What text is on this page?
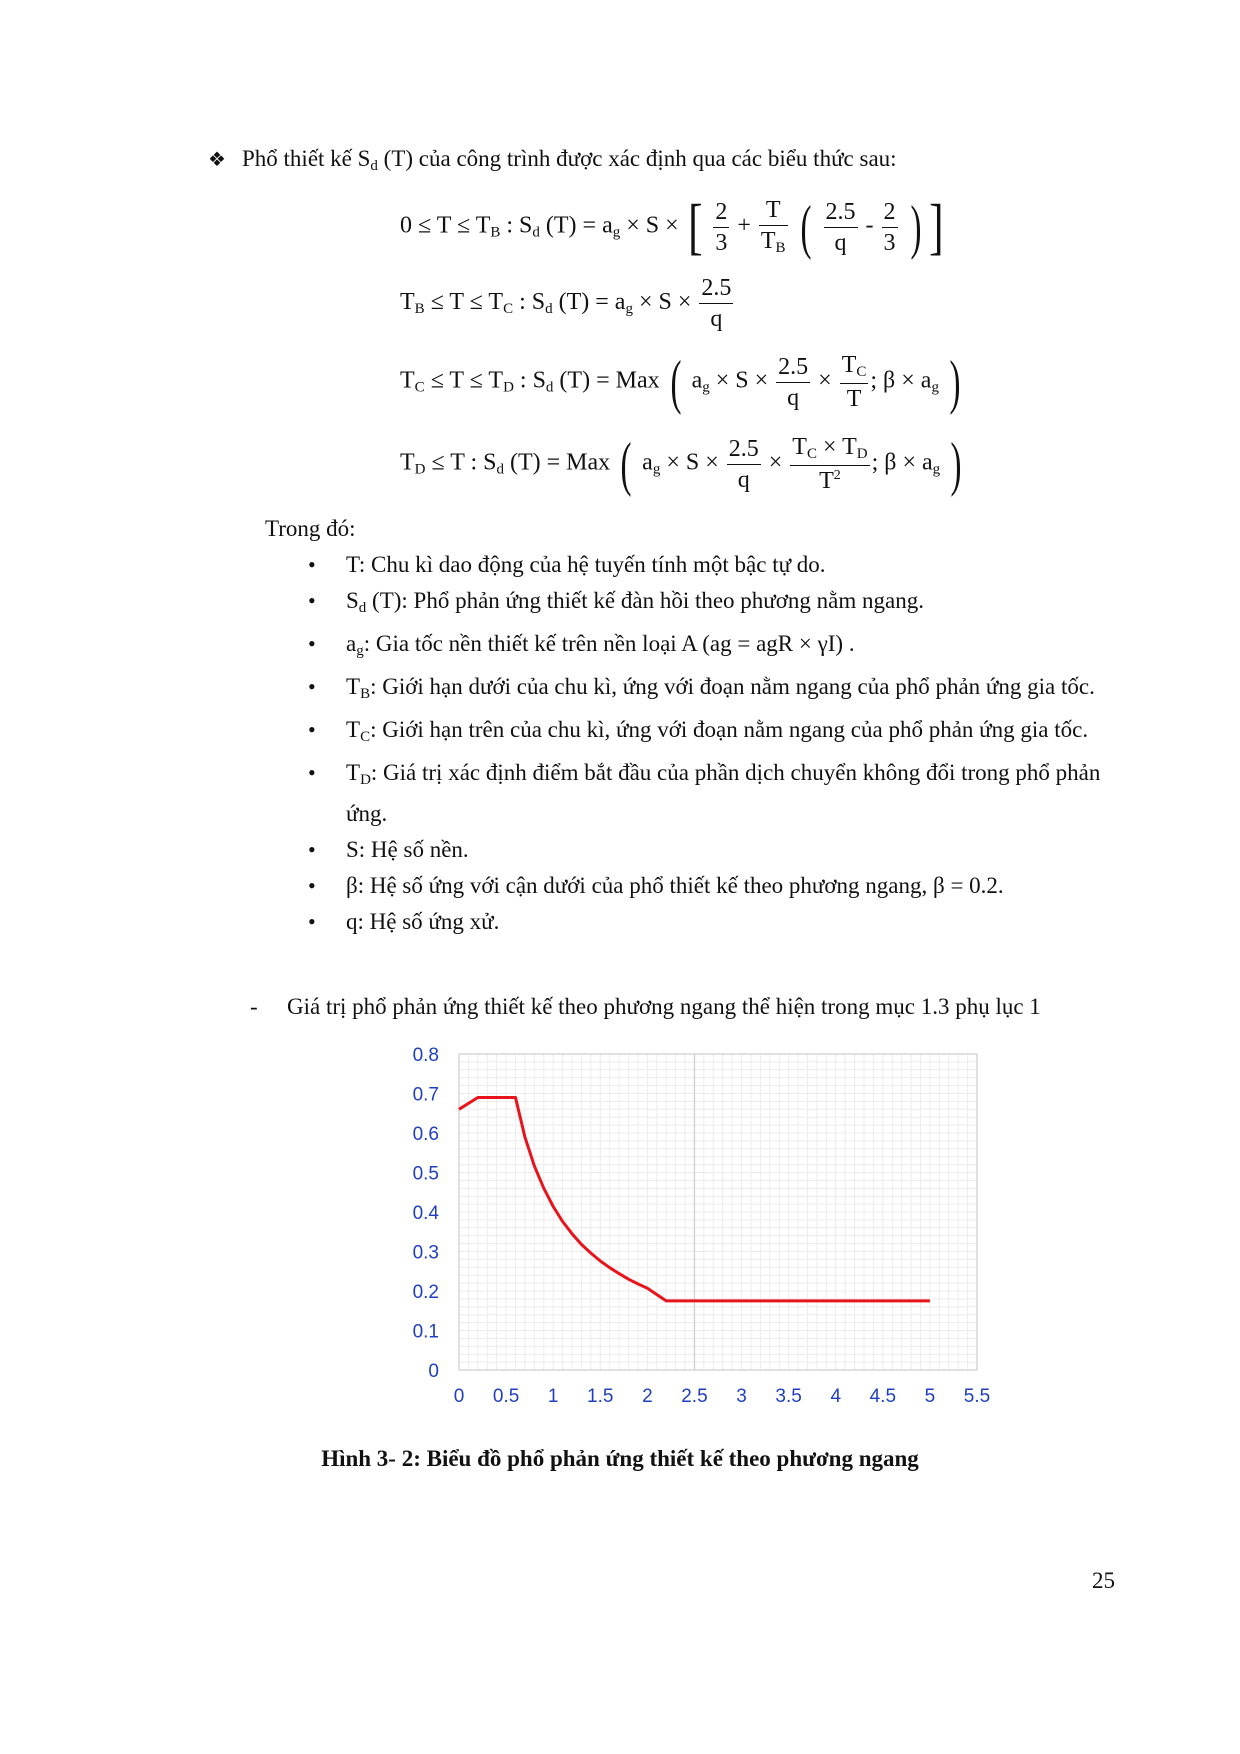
❖ Phổ thiết kế $S_d$ (T) của công trình được xác định qua các biểu thức sau:
$0 \le T \le T_B$ : $S_d$ $(T) = a_g \times S$ × [ $\frac{2}{3} + \frac{T}{T_B}$ ( $\frac{2.5}{q} - \frac{2}{3}$ ) ]
$T_B \le T \le T_C$ : $S_d$ $(T) = a_g \times S \times \frac{2.5}{q}$
$T_C \le T \le T_D$ : $S_d$ (T) = Max ( $a_g \times S \times \frac{2.5}{q} \times \frac{T_C}{T}$ ; $\beta \times a_g$ )
$T_D \le T$ : $S_d$ (T) = Max ( $a_g \times S \times \frac{2.5}{q} \times \frac{T_C \times T_D}{T^2}$ ; $\beta \times a_g$ )
Trong đó:
• T: Chu kì dao động của hệ tuyến tính một bậc tự do.
• $S_d$ (T): Phổ phản ứng thiết kế đàn hồi theo phương nằm ngang.
• $a_g$: Gia tốc nền thiết kế trên nền loại A (ag = agR × γI) .
• $T_B$: Giới hạn dưới của chu kì, ứng với đoạn nằm ngang của phổ phản ứng gia tốc.
• $T_C$: Giới hạn trên của chu kì, ứng với đoạn nằm ngang của phổ phản ứng gia tốc.
• $T_D$: Giá trị xác định điểm bắt đầu của phần dịch chuyển không đổi trong phổ phản ứng.
• S: Hệ số nền.
• β: Hệ số ứng với cận dưới của phổ thiết kế theo phương ngang, β = 0.2.
• q: Hệ số ứng xử.
- Giá trị phổ phản ứng thiết kế theo phương ngang thể hiện trong mục 1.3 phụ lục 1
0
0.1
0.2
0.3
0.4
0.5
0.6
0.7
0.8
0 0.5 1 1.5 2 2.5 3 3.5 4 4.5 5 5.5
Hình 3- 2: Biểu đồ phổ phản ứng thiết kế theo phương ngang
25
